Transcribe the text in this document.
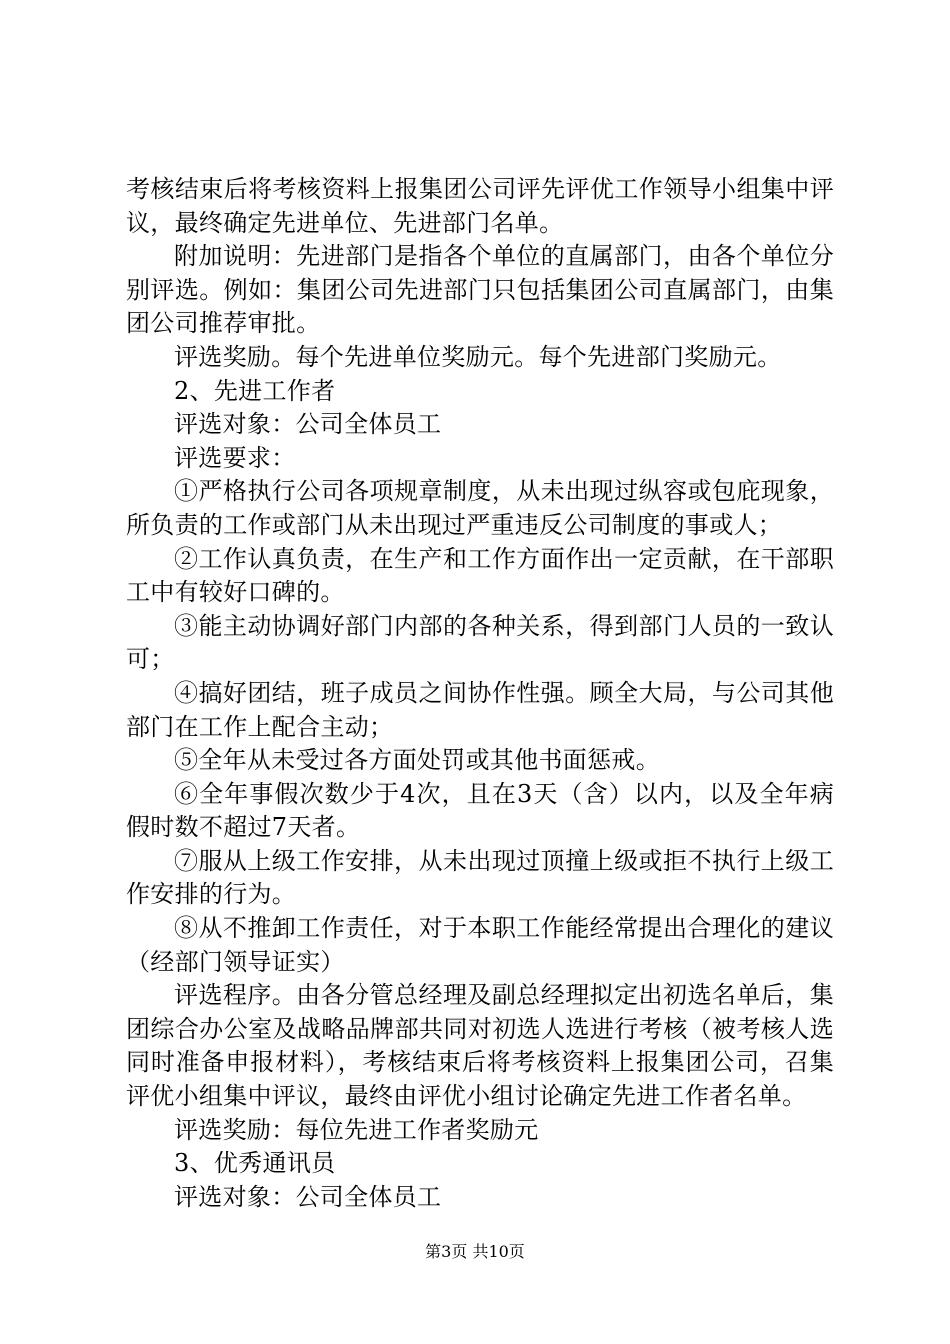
考核结束后将考核资料上报集团公司评先评优工作领导小组集中评议，最终确定先进单位、先进部门名单。

附加说明：先进部门是指各个单位的直属部门，由各个单位分别评选。例如：集团公司先进部门只包括集团公司直属部门，由集团公司推荐审批。

评选奖励。每个先进单位奖励元。每个先进部门奖励元。

2、先进工作者

评选对象：公司全体员工

评选要求：

①严格执行公司各项规章制度，从未出现过纵容或包庇现象，所负责的工作或部门从未出现过严重违反公司制度的事或人；

②工作认真负责，在生产和工作方面作出一定贡献，在干部职工中有较好口碑的。

③能主动协调好部门内部的各种关系，得到部门人员的一致认可；

④搞好团结，班子成员之间协作性强。顾全大局，与公司其他部门在工作上配合主动；

⑤全年从未受过各方面处罚或其他书面惩戒。

⑥全年事假次数少于4次，且在3天（含）以内，以及全年病假时数不超过7天者。

⑦服从上级工作安排，从未出现过顶撞上级或拒不执行上级工作安排的行为。

⑧从不推卸工作责任，对于本职工作能经常提出合理化的建议（经部门领导证实）

评选程序。由各分管总经理及副总经理拟定出初选名单后，集团综合办公室及战略品牌部共同对初选人选进行考核（被考核人选同时准备申报材料），考核结束后将考核资料上报集团公司，召集评优小组集中评议，最终由评优小组讨论确定先进工作者名单。

评选奖励：每位先进工作者奖励元

3、优秀通讯员

评选对象：公司全体员工

第3页 共10页
